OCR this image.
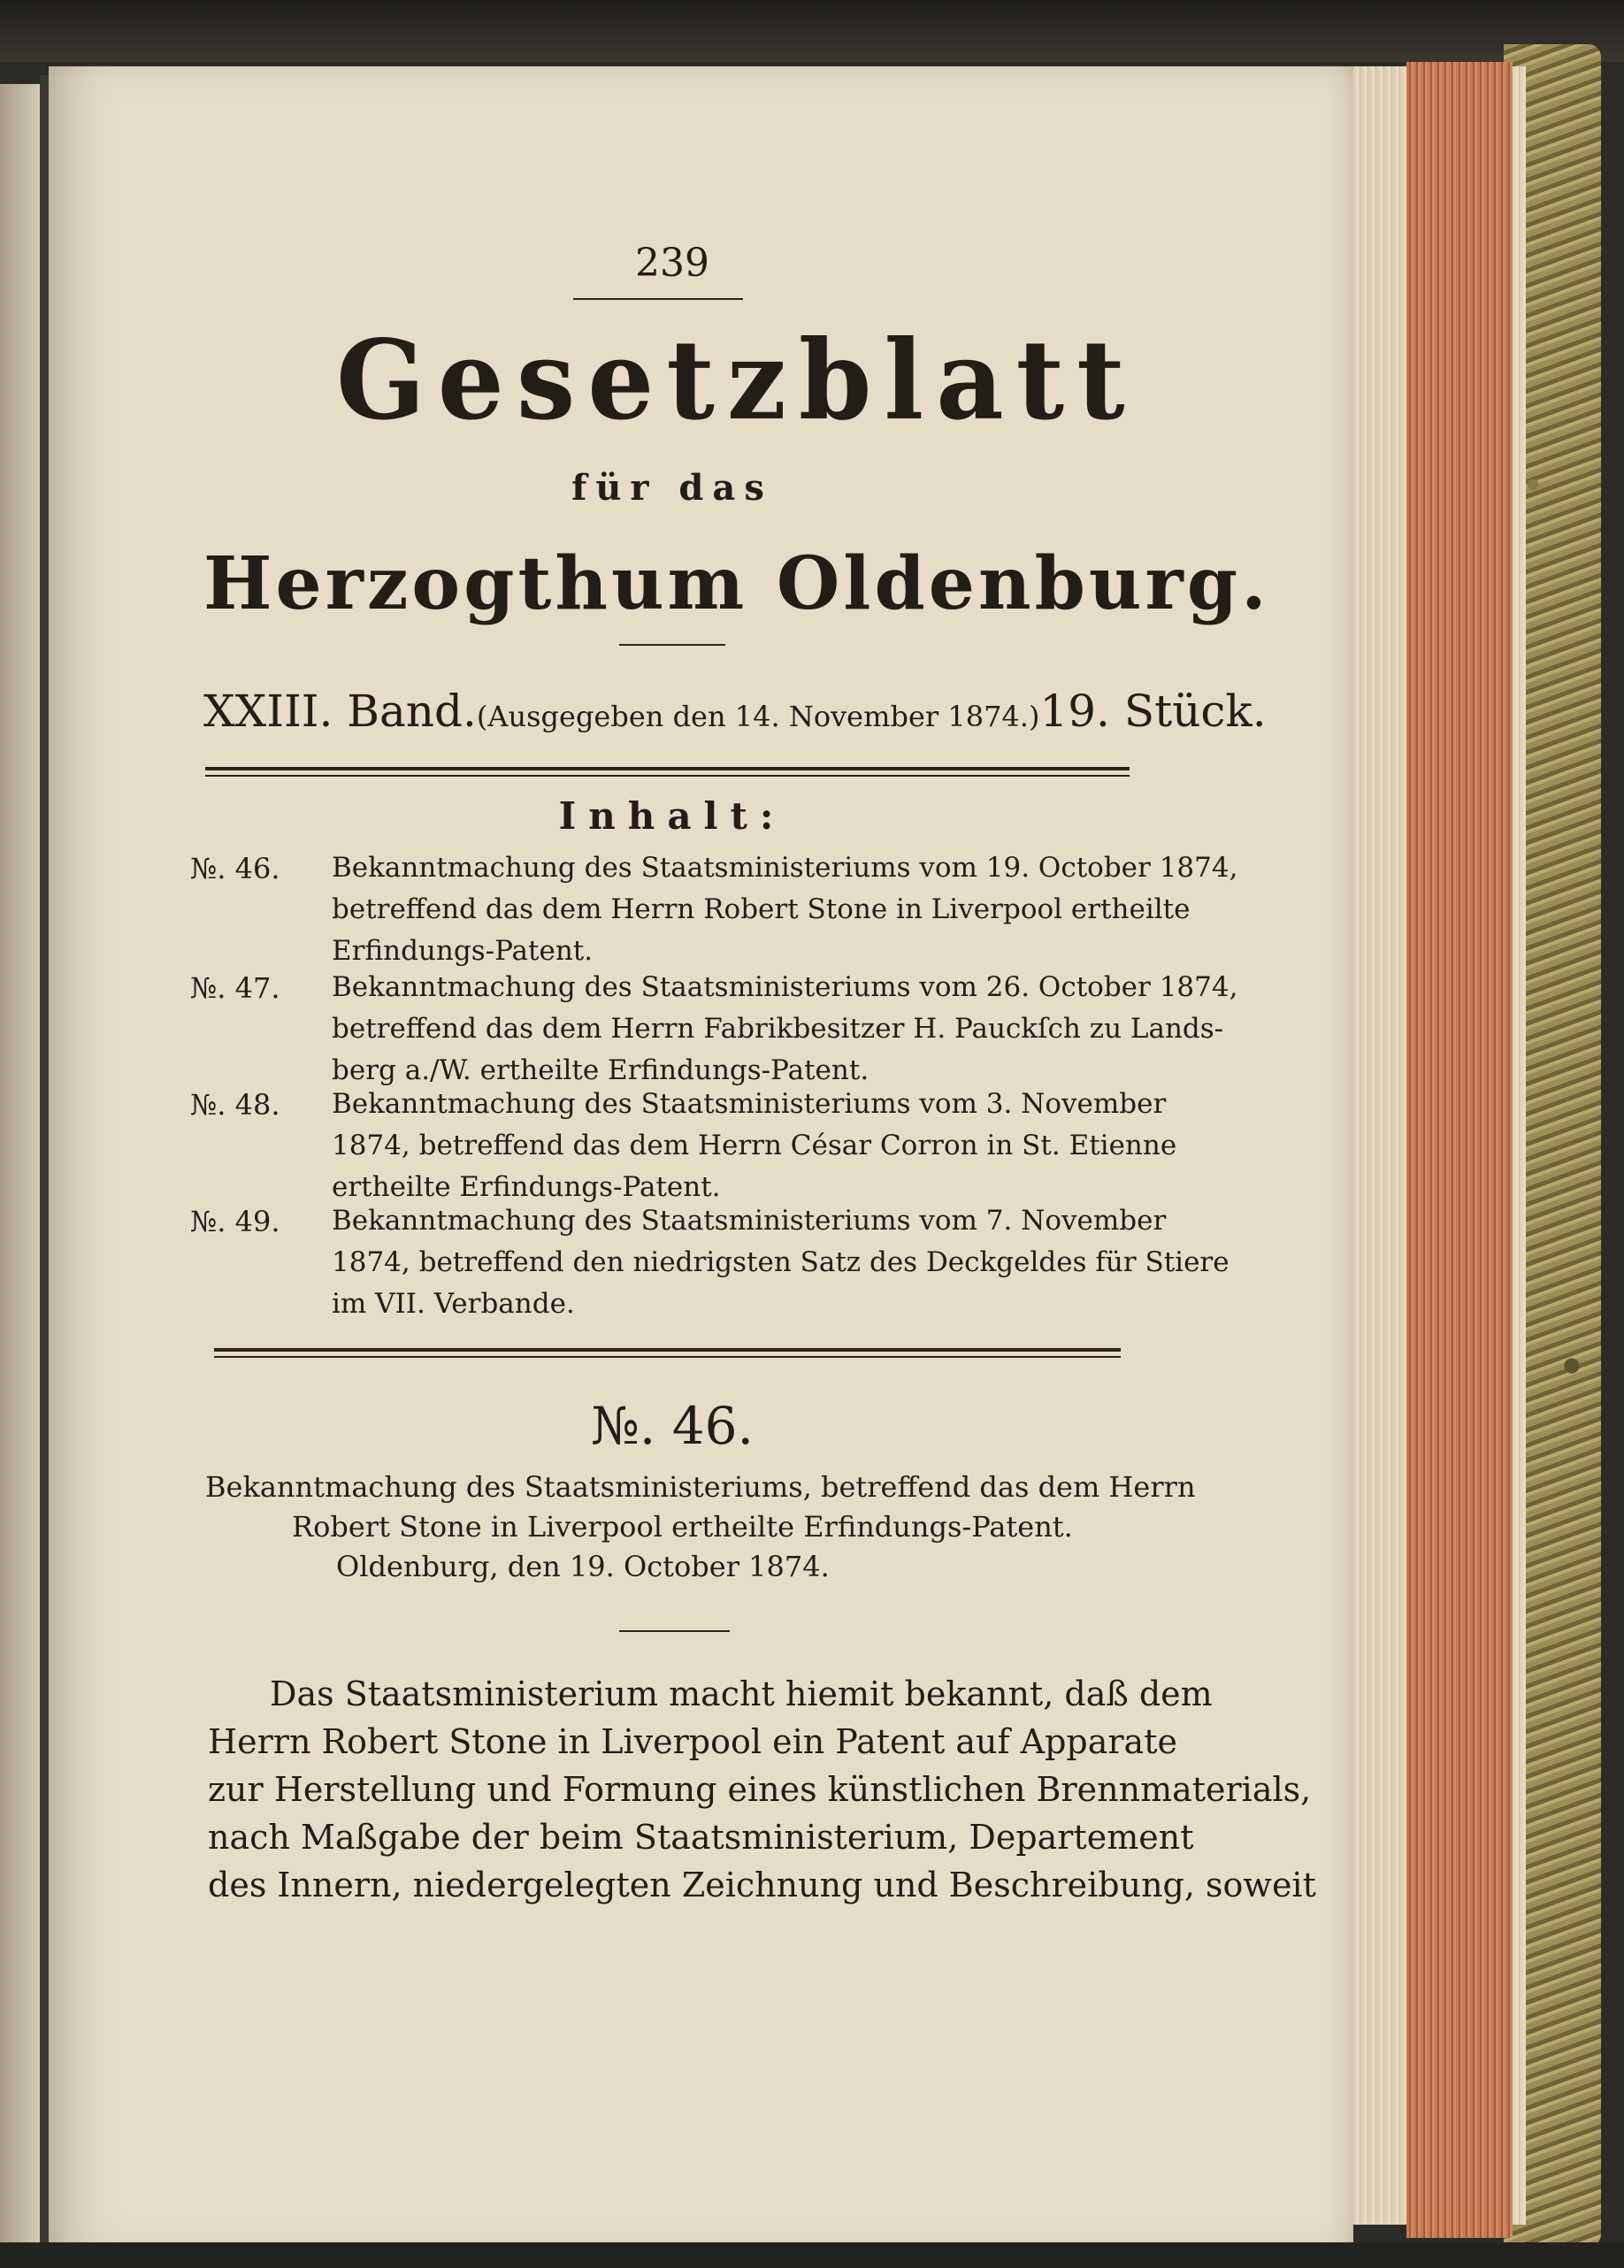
239
Gesetzblatt
für das
Herzogthum Oldenburg.
XXIII. Band. (Ausgegeben den 14. November 1874.) 19. Stück.
Inhalt:
№. 46. Bekanntmachung des Staatsministeriums vom 19. October 1874,
betreffend das dem Herrn Robert Stone in Liverpool ertheilte
Erfindungs-Patent.
№. 47. Bekanntmachung des Staatsministeriums vom 26. October 1874,
betreffend das dem Herrn Fabrikbesitzer H. Pauckſch zu Lands-
berg a./W. ertheilte Erfindungs-Patent.
№. 48. Bekanntmachung des Staatsministeriums vom 3. November
1874, betreffend das dem Herrn César Corron in St. Etienne
ertheilte Erfindungs-Patent.
№. 49. Bekanntmachung des Staatsministeriums vom 7. November
1874, betreffend den niedrigsten Satz des Deckgeldes für Stiere
im VII. Verbande.
№. 46.
Bekanntmachung des Staatsministeriums, betreffend das dem Herrn
Robert Stone in Liverpool ertheilte Erfindungs-Patent.
Oldenburg, den 19. October 1874.
Das Staatsministerium macht hiemit bekannt, daß dem
Herrn Robert Stone in Liverpool ein Patent auf Apparate
zur Herstellung und Formung eines künstlichen Brennmaterials,
nach Maßgabe der beim Staatsministerium, Departement
des Innern, niedergelegten Zeichnung und Beschreibung, soweit
